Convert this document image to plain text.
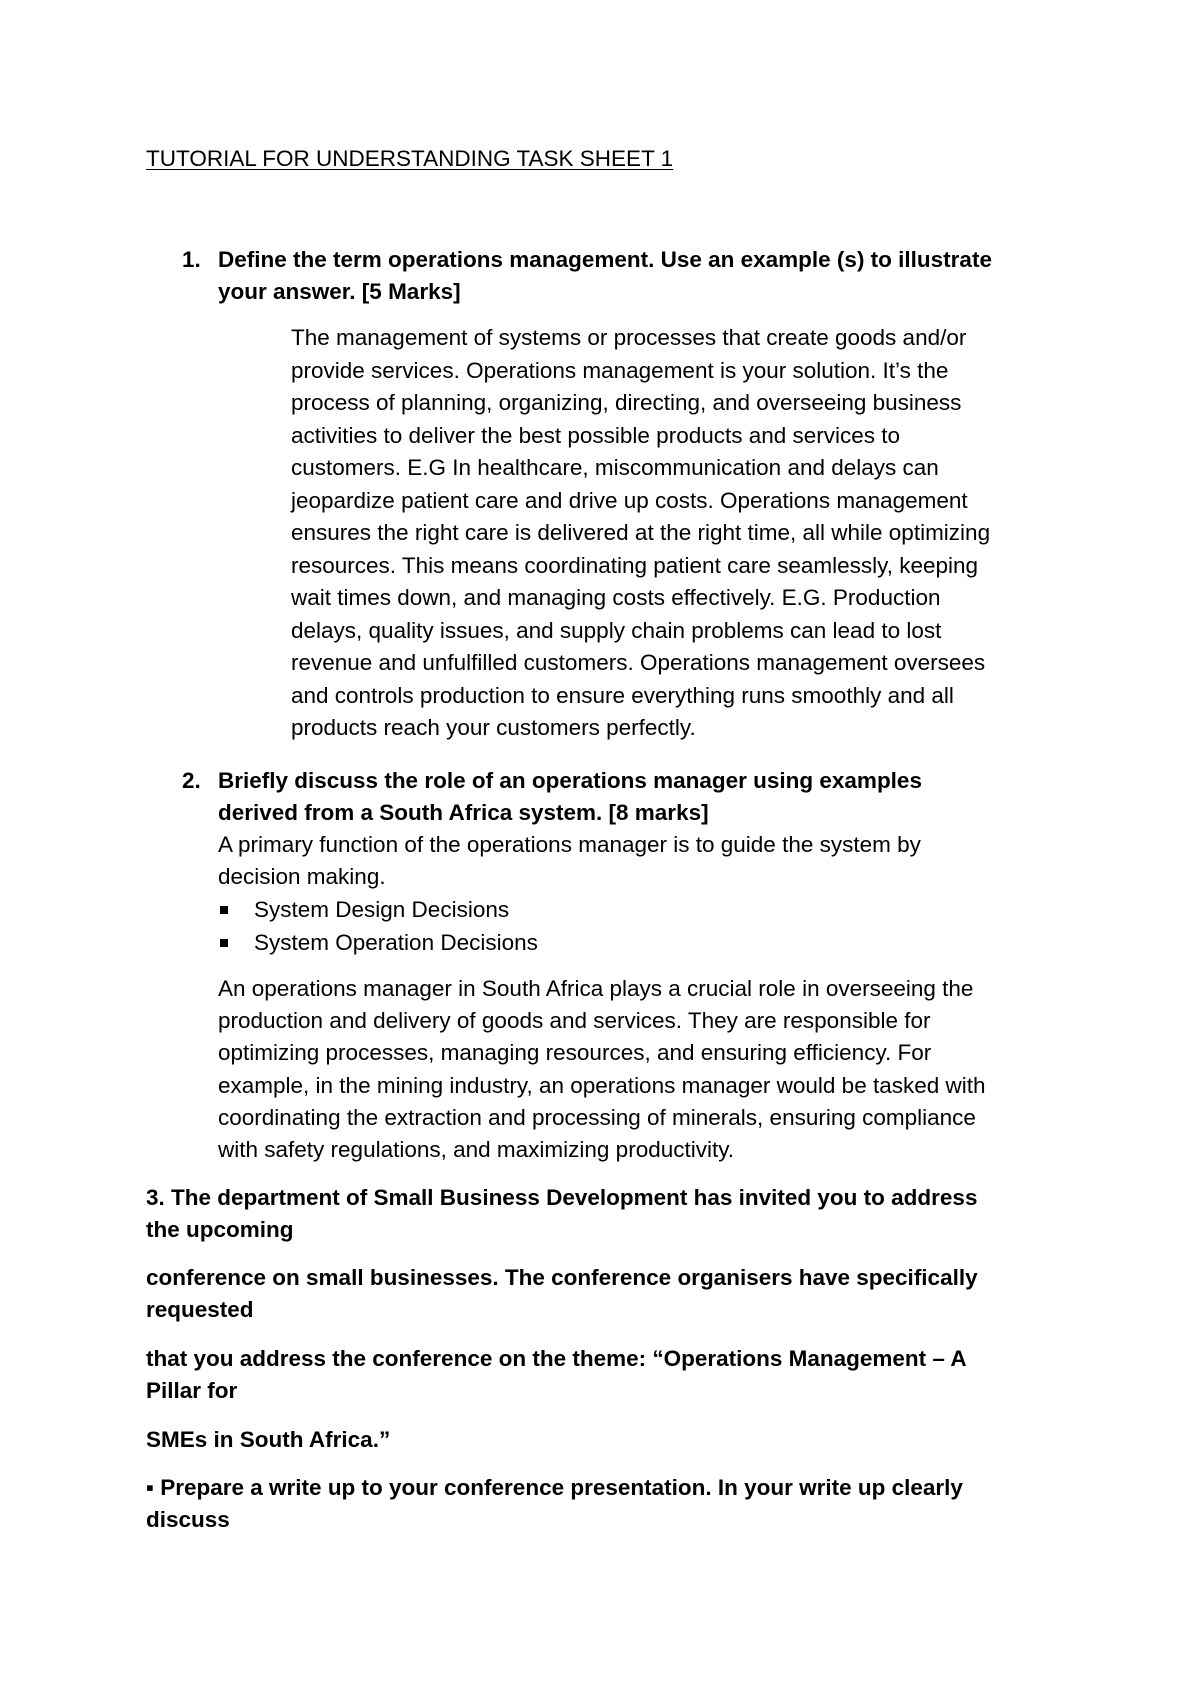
TUTORIAL FOR UNDERSTANDING TASK SHEET 1
1. Define the term operations management. Use an example (s) to illustrate
your answer. [5 Marks]
The management of systems or processes that create goods and/or
provide services. Operations management is your solution. It’s the
process of planning, organizing, directing, and overseeing business
activities to deliver the best possible products and services to
customers. E.G In healthcare, miscommunication and delays can
jeopardize patient care and drive up costs. Operations management
ensures the right care is delivered at the right time, all while optimizing
resources. This means coordinating patient care seamlessly, keeping
wait times down, and managing costs effectively. E.G. Production
delays, quality issues, and supply chain problems can lead to lost
revenue and unfulfilled customers. Operations management oversees
and controls production to ensure everything runs smoothly and all
products reach your customers perfectly.
2. Briefly discuss the role of an operations manager using examples
derived from a South Africa system. [8 marks]
A primary function of the operations manager is to guide the system by
decision making.
System Design Decisions
System Operation Decisions
An operations manager in South Africa plays a crucial role in overseeing the
production and delivery of goods and services. They are responsible for
optimizing processes, managing resources, and ensuring efficiency. For
example, in the mining industry, an operations manager would be tasked with
coordinating the extraction and processing of minerals, ensuring compliance
with safety regulations, and maximizing productivity.
3. The department of Small Business Development has invited you to address
the upcoming
conference on small businesses. The conference organisers have specifically
requested
that you address the conference on the theme: “Operations Management – A
Pillar for
SMEs in South Africa.”
▪ Prepare a write up to your conference presentation. In your write up clearly
discuss
